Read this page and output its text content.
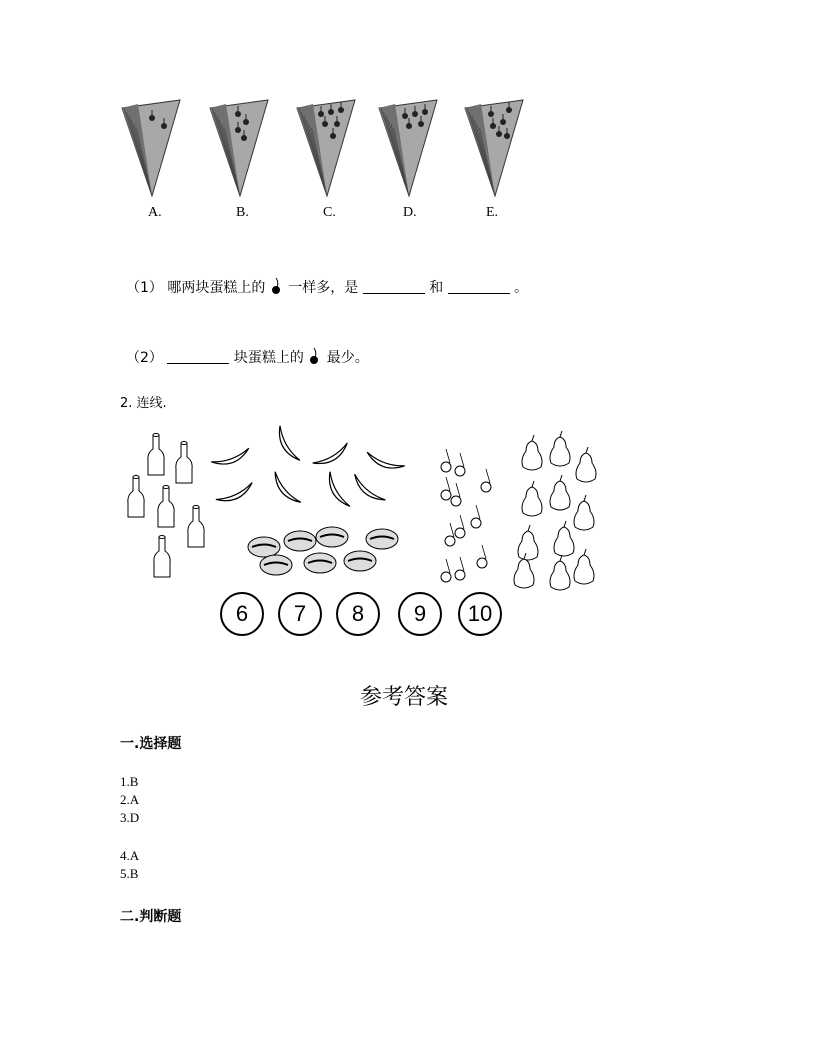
A.	B.	C.	D.	E.
（1） 哪两块蛋糕上的 一样多，是	和	。
（2）	块蛋糕上的 最少。
2. 连线.
6	7	8	9	10
参考答案
一.选择题
1.B
2.A
3.D
4.A
5.B
二.判断题
